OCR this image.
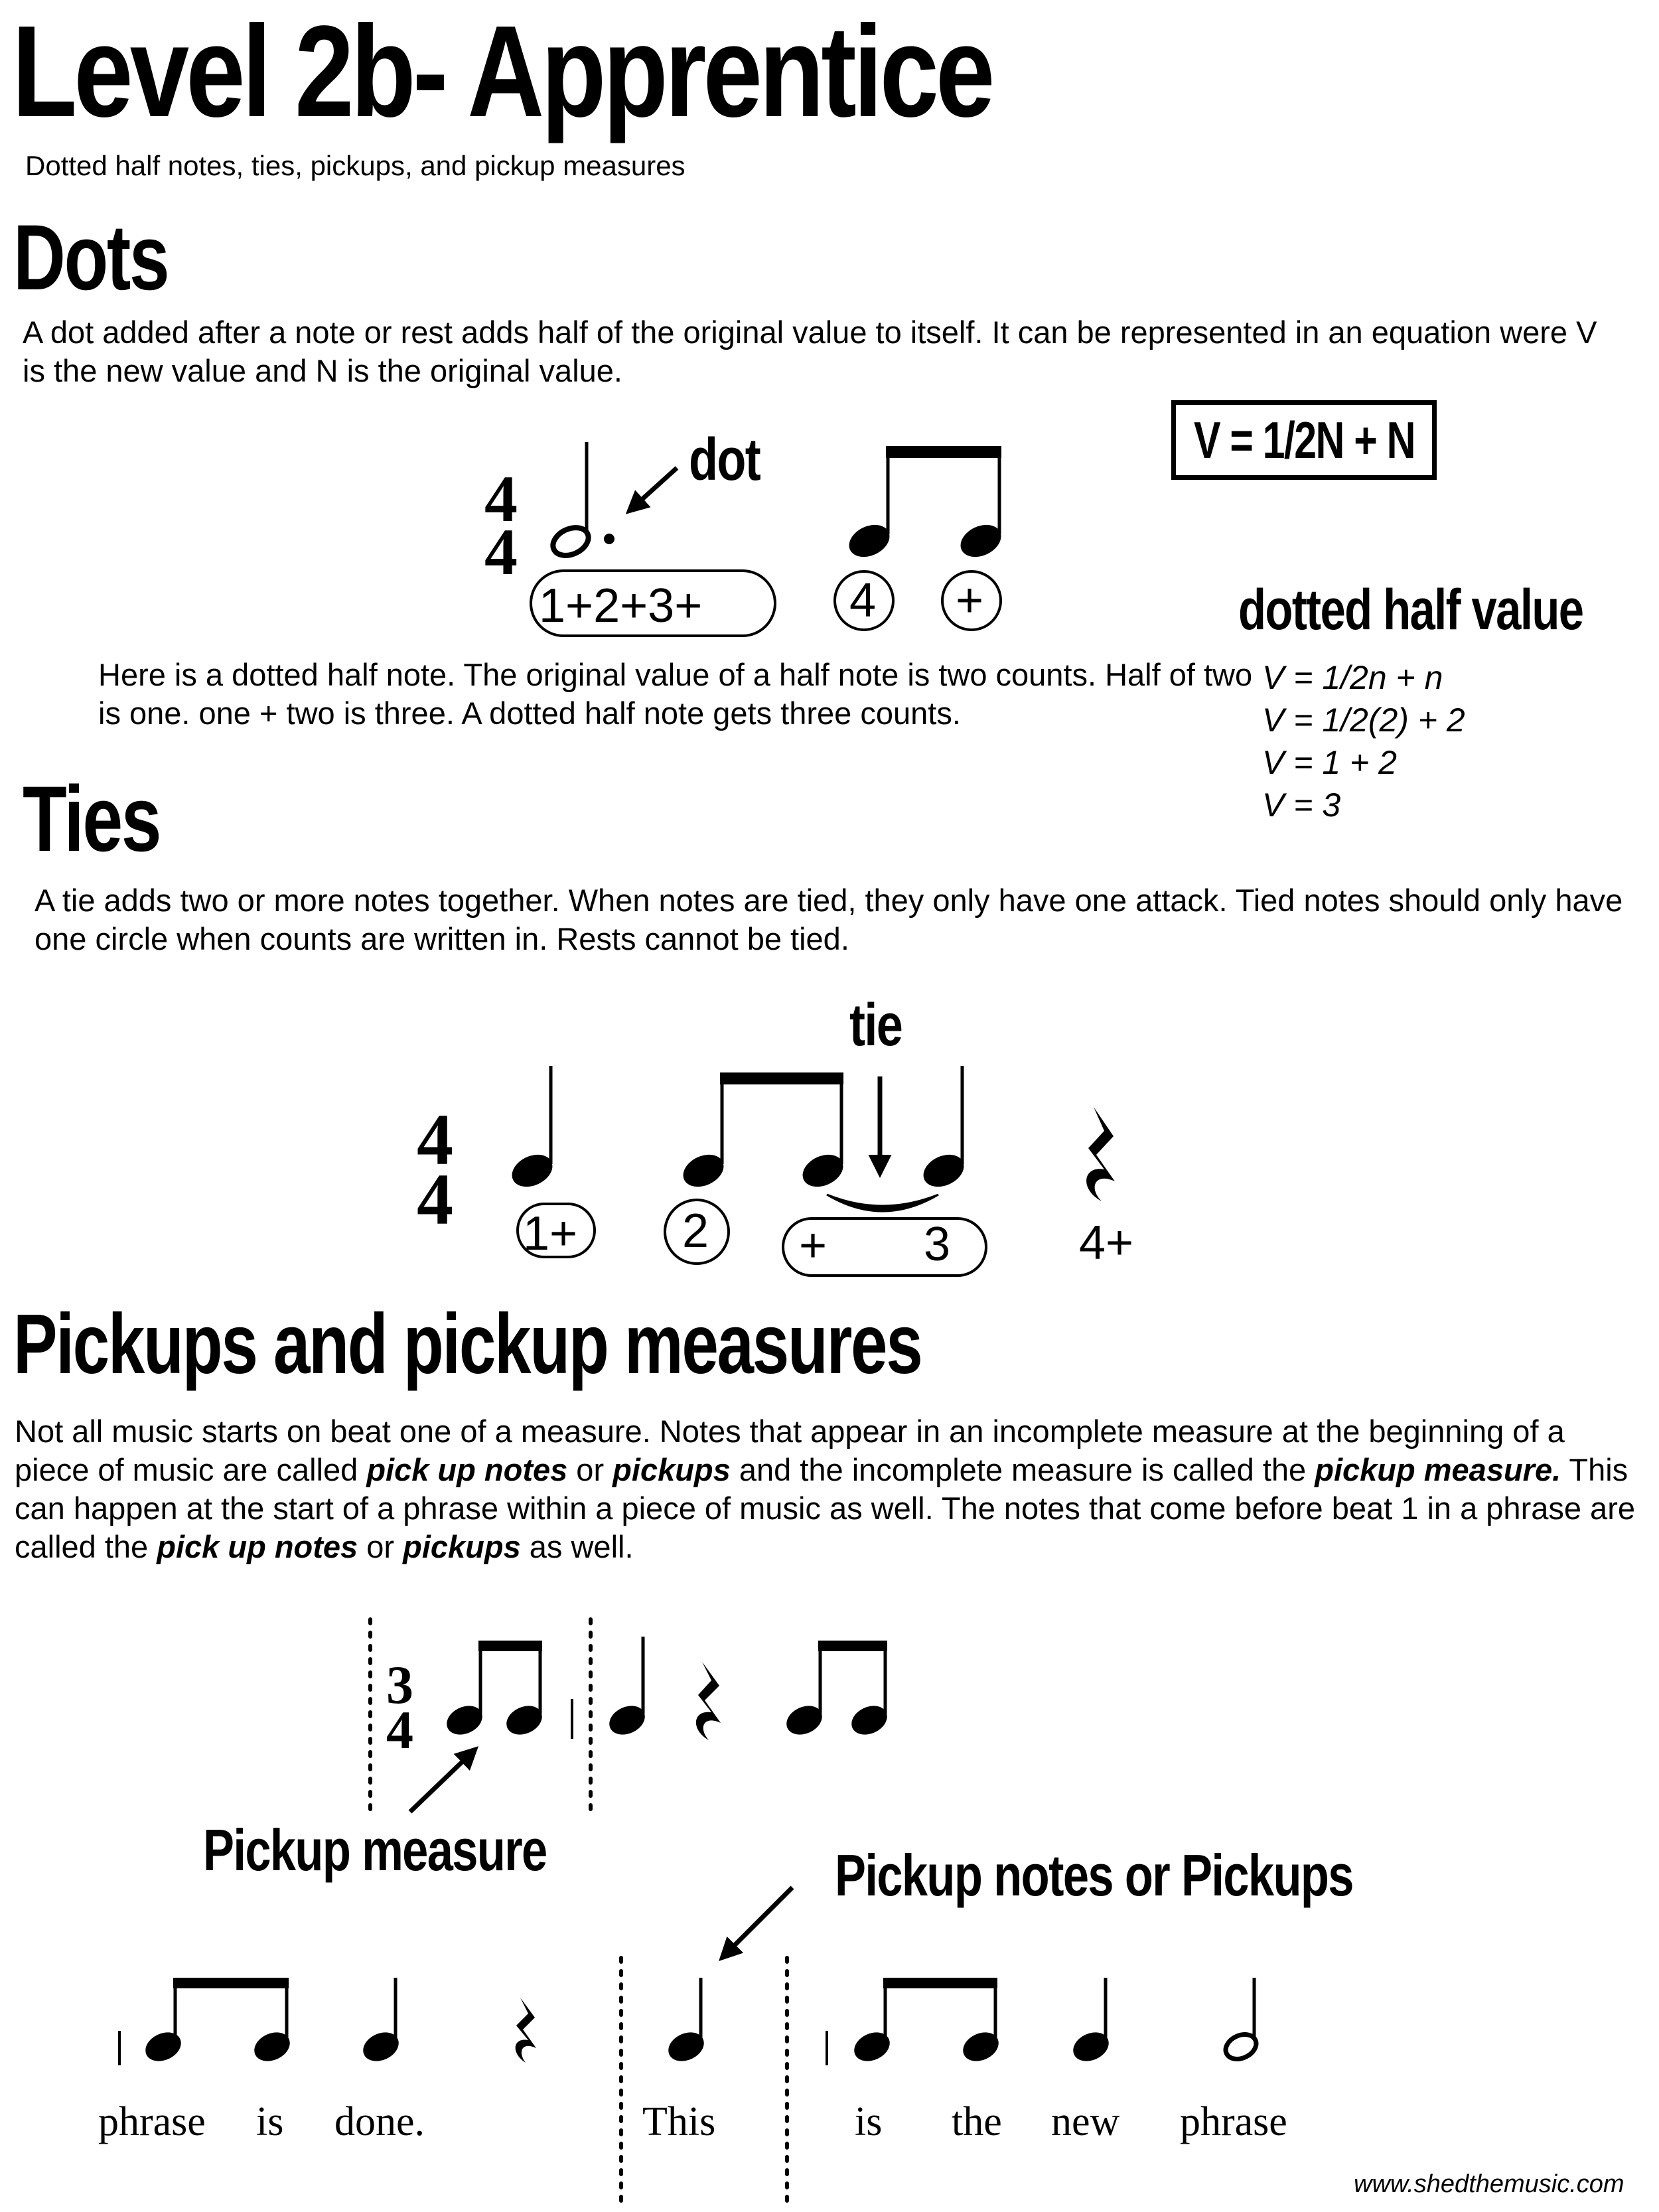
Level 2b- Apprentice
Dotted half notes, ties, pickups, and pickup measures
Dots
A dot added after a note or rest adds half of the original value to itself. It can be represented in an equation were V is the new value and N is the original value.
V = 1/2N + N
dot
dotted half value
V = 1/2n + n
V = 1/2(2) + 2
V = 1 + 2
V = 3
Here is a dotted half note. The original value of a half note is two counts. Half of two is one. one + two is three. A dotted half note gets three counts.
1+2+3+	4 +
4
4
Ties
A tie adds two or more notes together. When notes are tied, they only have one attack. Tied notes should only have one circle when counts are written in. Rests cannot be tied.
tie
4
4 1+ 2 + 3	4+
Pickups and pickup measures
Not all music starts on beat one of a measure. Notes that appear in an incomplete measure at the beginning of a piece of music are called pick up notes or pickups and the incomplete measure is called the pickup measure. This can happen at the start of a phrase within a piece of music as well. The notes that come before beat 1 in a phrase are called the pick up notes or pickups as well.
3
4
Pickup measure	Pickup notes or Pickups
phrase is done.	This	is the new phrase
www.shedthemusic.com
